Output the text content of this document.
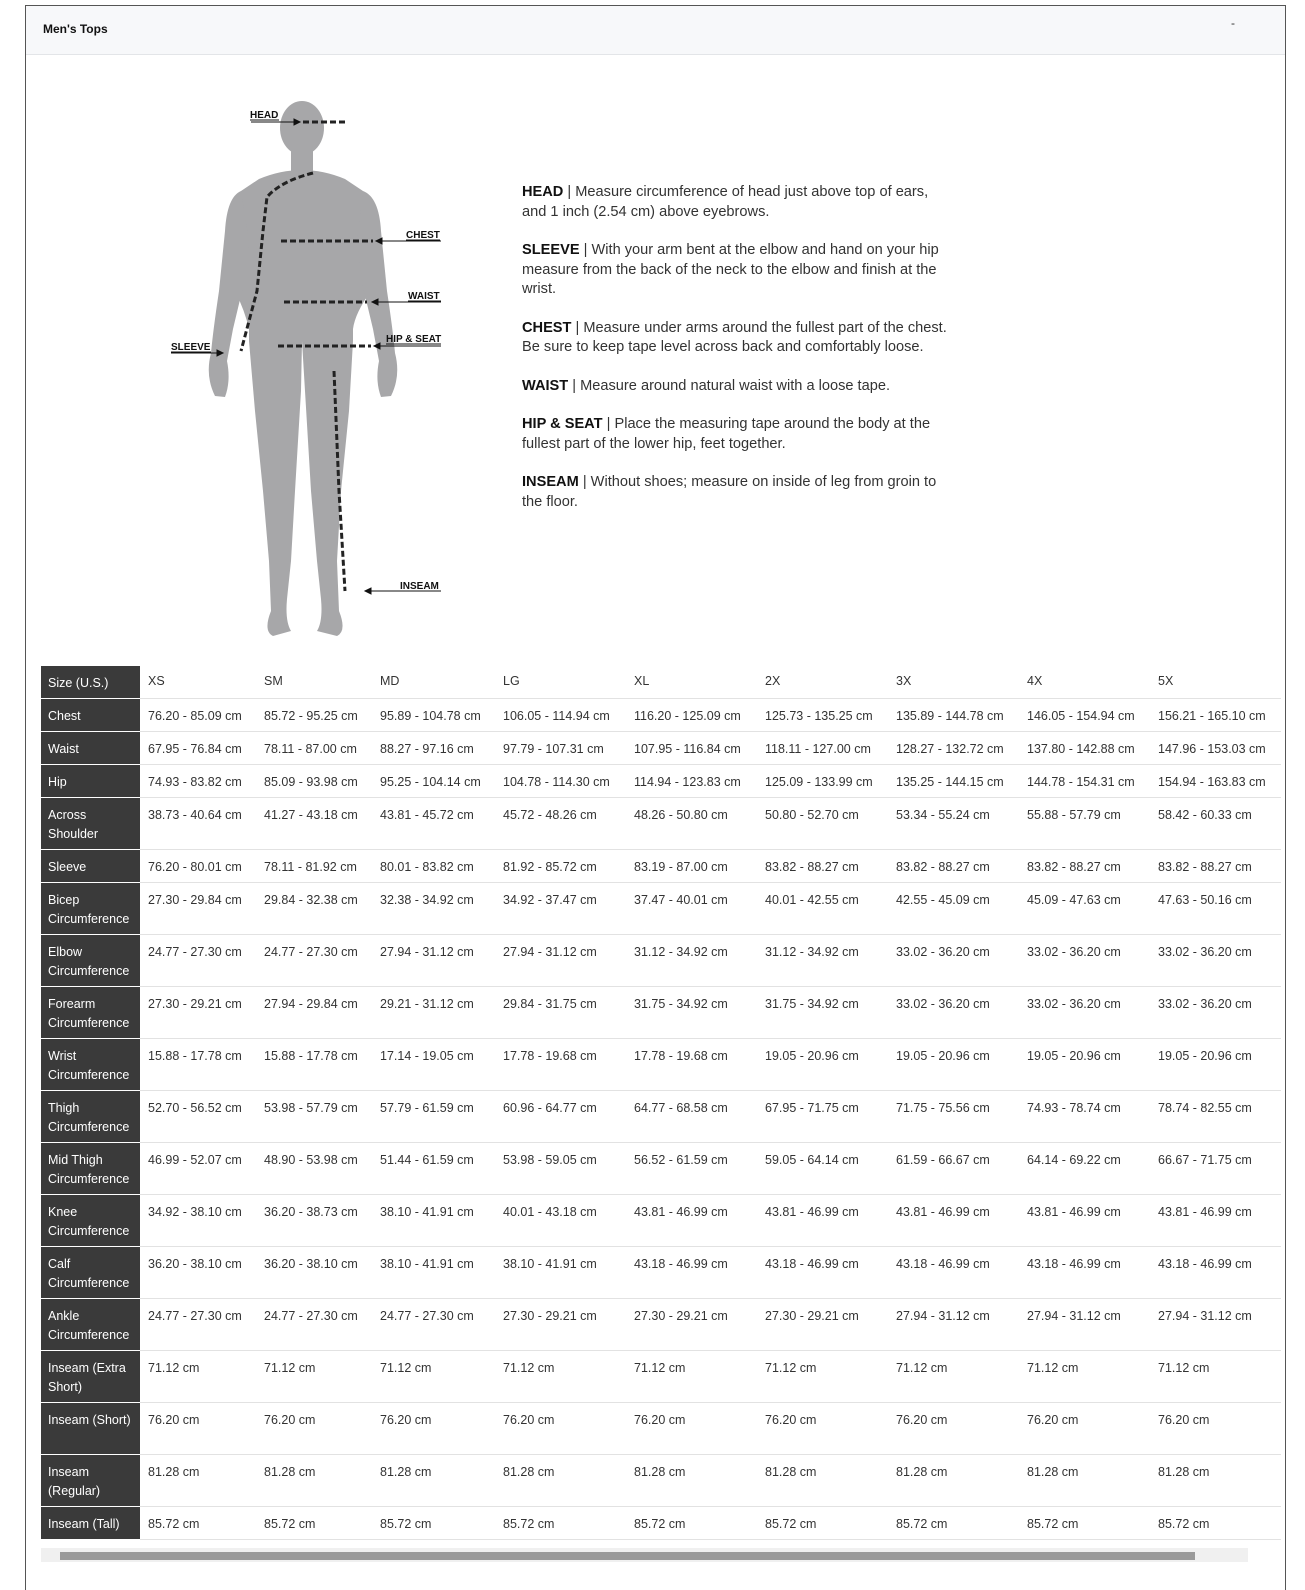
Men's Tops	-
HEAD
CHEST
WAIST
HIP & SEAT
SLEEVE
INSEAM

HEAD | Measure circumference of head just above top of ears, and 1 inch (2.54 cm) above eyebrows.

SLEEVE | With your arm bent at the elbow and hand on your hip measure from the back of the neck to the elbow and finish at the wrist.

CHEST | Measure under arms around the fullest part of the chest. Be sure to keep tape level across back and comfortably loose.

WAIST | Measure around natural waist with a loose tape.

HIP & SEAT | Place the measuring tape around the body at the fullest part of the lower hip, feet together.

INSEAM | Without shoes; measure on inside of leg from groin to the floor.

Size (U.S.)	XS	SM	MD	LG	XL	2X	3X	4X	5X
Chest	76.20 - 85.09 cm	85.72 - 95.25 cm	95.89 - 104.78 cm	106.05 - 114.94 cm	116.20 - 125.09 cm	125.73 - 135.25 cm	135.89 - 144.78 cm	146.05 - 154.94 cm	156.21 - 165.10 cm
Waist	67.95 - 76.84 cm	78.11 - 87.00 cm	88.27 - 97.16 cm	97.79 - 107.31 cm	107.95 - 116.84 cm	118.11 - 127.00 cm	128.27 - 132.72 cm	137.80 - 142.88 cm	147.96 - 153.03 cm
Hip	74.93 - 83.82 cm	85.09 - 93.98 cm	95.25 - 104.14 cm	104.78 - 114.30 cm	114.94 - 123.83 cm	125.09 - 133.99 cm	135.25 - 144.15 cm	144.78 - 154.31 cm	154.94 - 163.83 cm
Across Shoulder	38.73 - 40.64 cm	41.27 - 43.18 cm	43.81 - 45.72 cm	45.72 - 48.26 cm	48.26 - 50.80 cm	50.80 - 52.70 cm	53.34 - 55.24 cm	55.88 - 57.79 cm	58.42 - 60.33 cm
Sleeve	76.20 - 80.01 cm	78.11 - 81.92 cm	80.01 - 83.82 cm	81.92 - 85.72 cm	83.19 - 87.00 cm	83.82 - 88.27 cm	83.82 - 88.27 cm	83.82 - 88.27 cm	83.82 - 88.27 cm
Bicep Circumference	27.30 - 29.84 cm	29.84 - 32.38 cm	32.38 - 34.92 cm	34.92 - 37.47 cm	37.47 - 40.01 cm	40.01 - 42.55 cm	42.55 - 45.09 cm	45.09 - 47.63 cm	47.63 - 50.16 cm
Elbow Circumference	24.77 - 27.30 cm	24.77 - 27.30 cm	27.94 - 31.12 cm	27.94 - 31.12 cm	31.12 - 34.92 cm	31.12 - 34.92 cm	33.02 - 36.20 cm	33.02 - 36.20 cm	33.02 - 36.20 cm
Forearm Circumference	27.30 - 29.21 cm	27.94 - 29.84 cm	29.21 - 31.12 cm	29.84 - 31.75 cm	31.75 - 34.92 cm	31.75 - 34.92 cm	33.02 - 36.20 cm	33.02 - 36.20 cm	33.02 - 36.20 cm
Wrist Circumference	15.88 - 17.78 cm	15.88 - 17.78 cm	17.14 - 19.05 cm	17.78 - 19.68 cm	17.78 - 19.68 cm	19.05 - 20.96 cm	19.05 - 20.96 cm	19.05 - 20.96 cm	19.05 - 20.96 cm
Thigh Circumference	52.70 - 56.52 cm	53.98 - 57.79 cm	57.79 - 61.59 cm	60.96 - 64.77 cm	64.77 - 68.58 cm	67.95 - 71.75 cm	71.75 - 75.56 cm	74.93 - 78.74 cm	78.74 - 82.55 cm
Mid Thigh Circumference	46.99 - 52.07 cm	48.90 - 53.98 cm	51.44 - 61.59 cm	53.98 - 59.05 cm	56.52 - 61.59 cm	59.05 - 64.14 cm	61.59 - 66.67 cm	64.14 - 69.22 cm	66.67 - 71.75 cm
Knee Circumference	34.92 - 38.10 cm	36.20 - 38.73 cm	38.10 - 41.91 cm	40.01 - 43.18 cm	43.81 - 46.99 cm	43.81 - 46.99 cm	43.81 - 46.99 cm	43.81 - 46.99 cm	43.81 - 46.99 cm
Calf Circumference	36.20 - 38.10 cm	36.20 - 38.10 cm	38.10 - 41.91 cm	38.10 - 41.91 cm	43.18 - 46.99 cm	43.18 - 46.99 cm	43.18 - 46.99 cm	43.18 - 46.99 cm	43.18 - 46.99 cm
Ankle Circumference	24.77 - 27.30 cm	24.77 - 27.30 cm	24.77 - 27.30 cm	27.30 - 29.21 cm	27.30 - 29.21 cm	27.30 - 29.21 cm	27.94 - 31.12 cm	27.94 - 31.12 cm	27.94 - 31.12 cm
Inseam (Extra Short)	71.12 cm	71.12 cm	71.12 cm	71.12 cm	71.12 cm	71.12 cm	71.12 cm	71.12 cm	71.12 cm
Inseam (Short)	76.20 cm	76.20 cm	76.20 cm	76.20 cm	76.20 cm	76.20 cm	76.20 cm	76.20 cm	76.20 cm
Inseam (Regular)	81.28 cm	81.28 cm	81.28 cm	81.28 cm	81.28 cm	81.28 cm	81.28 cm	81.28 cm	81.28 cm
Inseam (Tall)	85.72 cm	85.72 cm	85.72 cm	85.72 cm	85.72 cm	85.72 cm	85.72 cm	85.72 cm	85.72 cm
